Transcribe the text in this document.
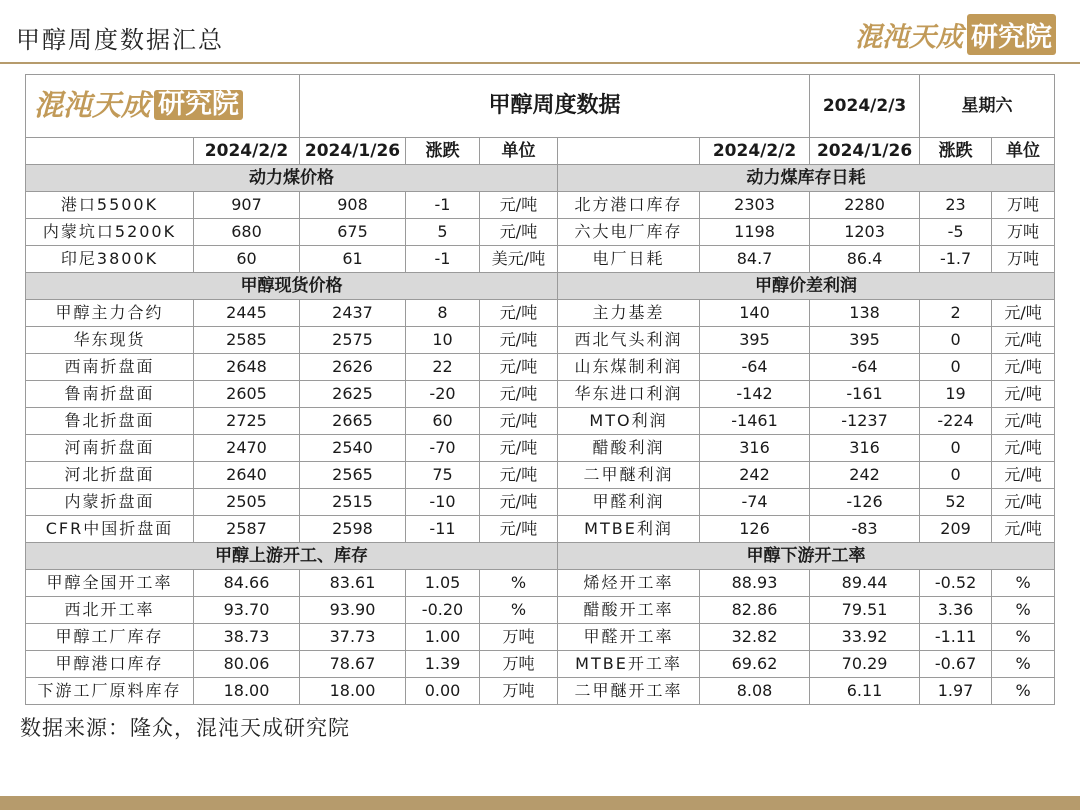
甲醇周度数据汇总	混沌天成 研究院
混沌天成 研究院		甲醇周度数据					2024/2/3	星期六	
	2024/2/2	2024/1/26	涨跌	单位		2024/2/2	2024/1/26	涨跌	单位
动力煤价格					动力煤库存日耗				
港口5500K	907	908	-1	元/吨	北方港口库存	2303	2280	23	万吨
内蒙坑口5200K	680	675	5	元/吨	六大电厂库存	1198	1203	-5	万吨
印尼3800K	60	61	-1	美元/吨	电厂日耗	84.7	86.4	-1.7	万吨
甲醇现货价格					甲醇价差利润				
甲醇主力合约	2445	2437	8	元/吨	主力基差	140	138	2	元/吨
华东现货	2585	2575	10	元/吨	西北气头利润	395	395	0	元/吨
西南折盘面	2648	2626	22	元/吨	山东煤制利润	-64	-64	0	元/吨
鲁南折盘面	2605	2625	-20	元/吨	华东进口利润	-142	-161	19	元/吨
鲁北折盘面	2725	2665	60	元/吨	MTO利润	-1461	-1237	-224	元/吨
河南折盘面	2470	2540	-70	元/吨	醋酸利润	316	316	0	元/吨
河北折盘面	2640	2565	75	元/吨	二甲醚利润	242	242	0	元/吨
内蒙折盘面	2505	2515	-10	元/吨	甲醛利润	-74	-126	52	元/吨
CFR中国折盘面	2587	2598	-11	元/吨	MTBE利润	126	-83	209	元/吨
甲醇上游开工、库存					甲醇下游开工率				
甲醇全国开工率	84.66	83.61	1.05	%	烯烃开工率	88.93	89.44	-0.52	%
西北开工率	93.70	93.90	-0.20	%	醋酸开工率	82.86	79.51	3.36	%
甲醇工厂库存	38.73	37.73	1.00	万吨	甲醛开工率	32.82	33.92	-1.11	%
甲醇港口库存	80.06	78.67	1.39	万吨	MTBE开工率	69.62	70.29	-0.67	%
下游工厂原料库存	18.00	18.00	0.00	万吨	二甲醚开工率	8.08	6.11	1.97	%
数据来源：隆众，混沌天成研究院
